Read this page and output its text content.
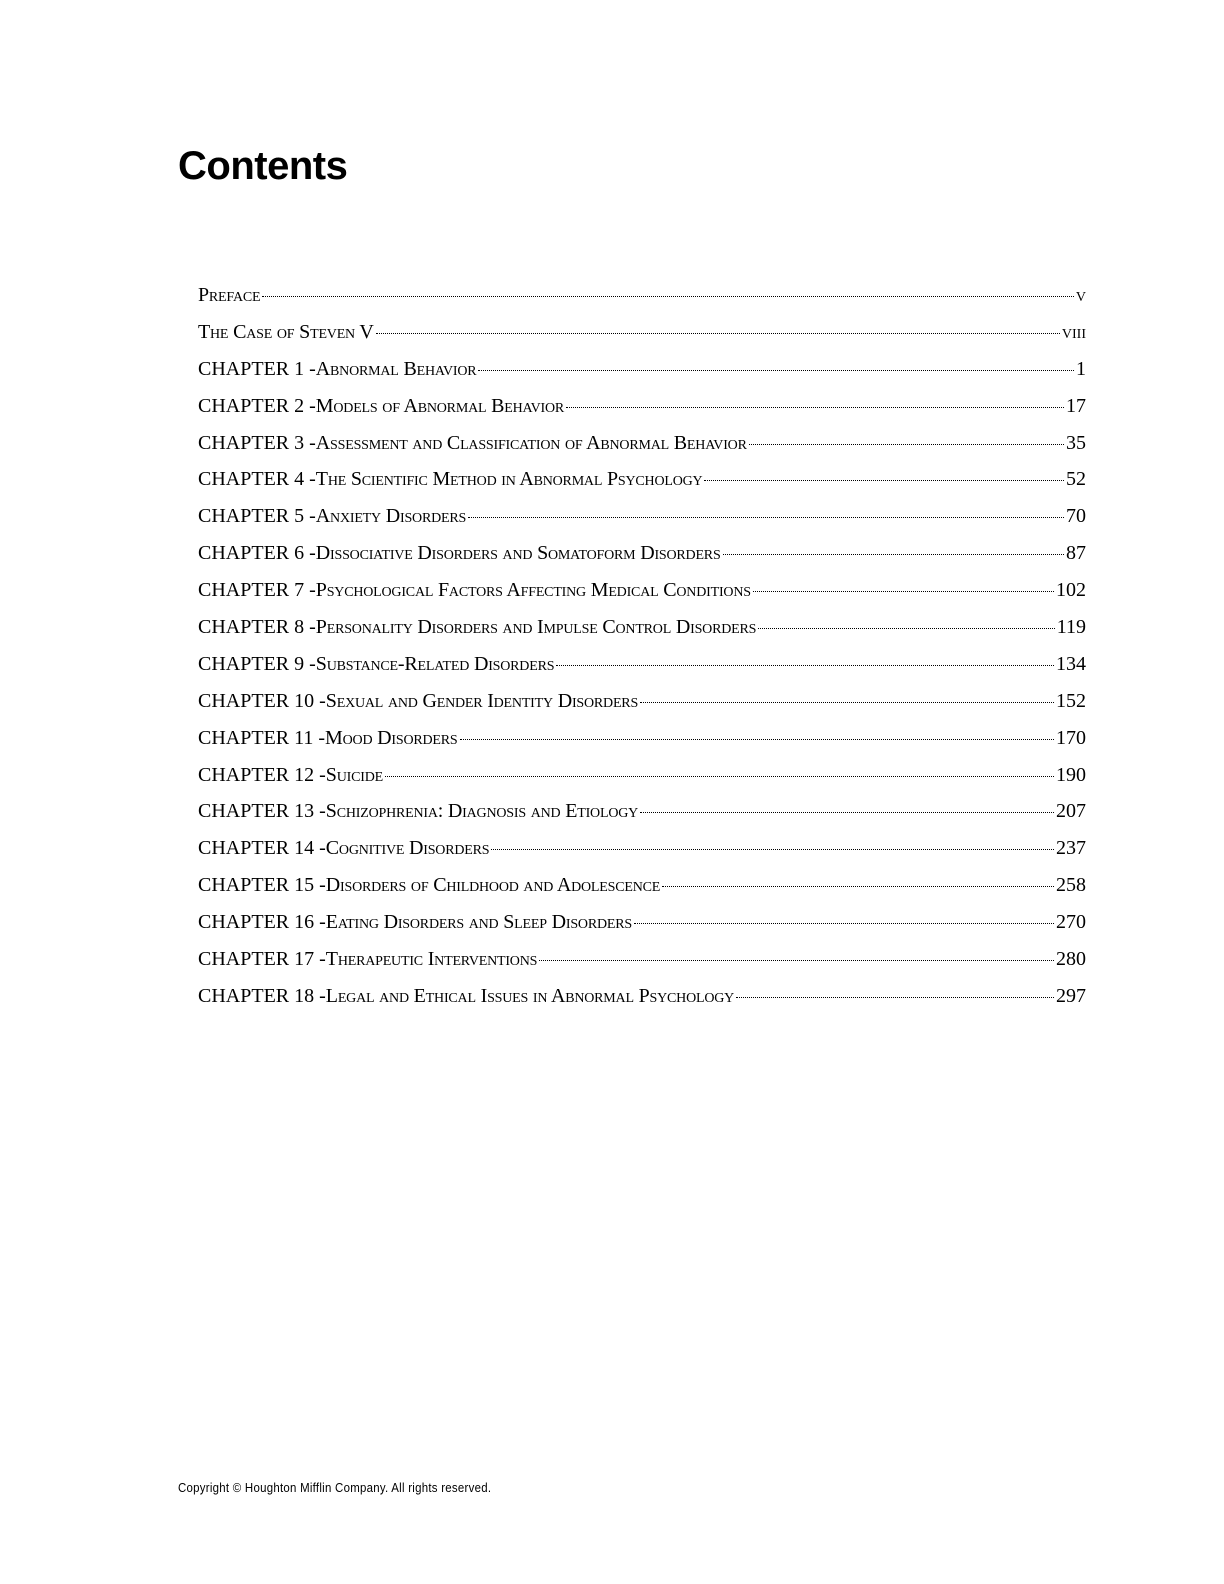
Contents
Preface	v
The Case of Steven V	viii
CHAPTER 1 - Abnormal Behavior	1
CHAPTER 2 - Models of Abnormal Behavior	17
CHAPTER 3 - Assessment and Classification of Abnormal Behavior	35
CHAPTER 4 - The Scientific Method in Abnormal Psychology	52
CHAPTER 5 - Anxiety Disorders	70
CHAPTER 6 - Dissociative Disorders and Somatoform Disorders	87
CHAPTER 7 - Psychological Factors Affecting Medical Conditions	102
CHAPTER 8 - Personality Disorders and Impulse Control Disorders	119
CHAPTER 9 - Substance-Related Disorders	134
CHAPTER 10 - Sexual and Gender Identity Disorders	152
CHAPTER 11 - Mood Disorders	170
CHAPTER 12 - Suicide	190
CHAPTER 13 - Schizophrenia: Diagnosis and Etiology	207
CHAPTER 14 - Cognitive Disorders	237
CHAPTER 15 - Disorders of Childhood and Adolescence	258
CHAPTER 16 - Eating Disorders and Sleep Disorders	270
CHAPTER 17 - Therapeutic Interventions	280
CHAPTER 18 - Legal and Ethical Issues in Abnormal Psychology	297

Copyright © Houghton Mifflin Company. All rights reserved.
